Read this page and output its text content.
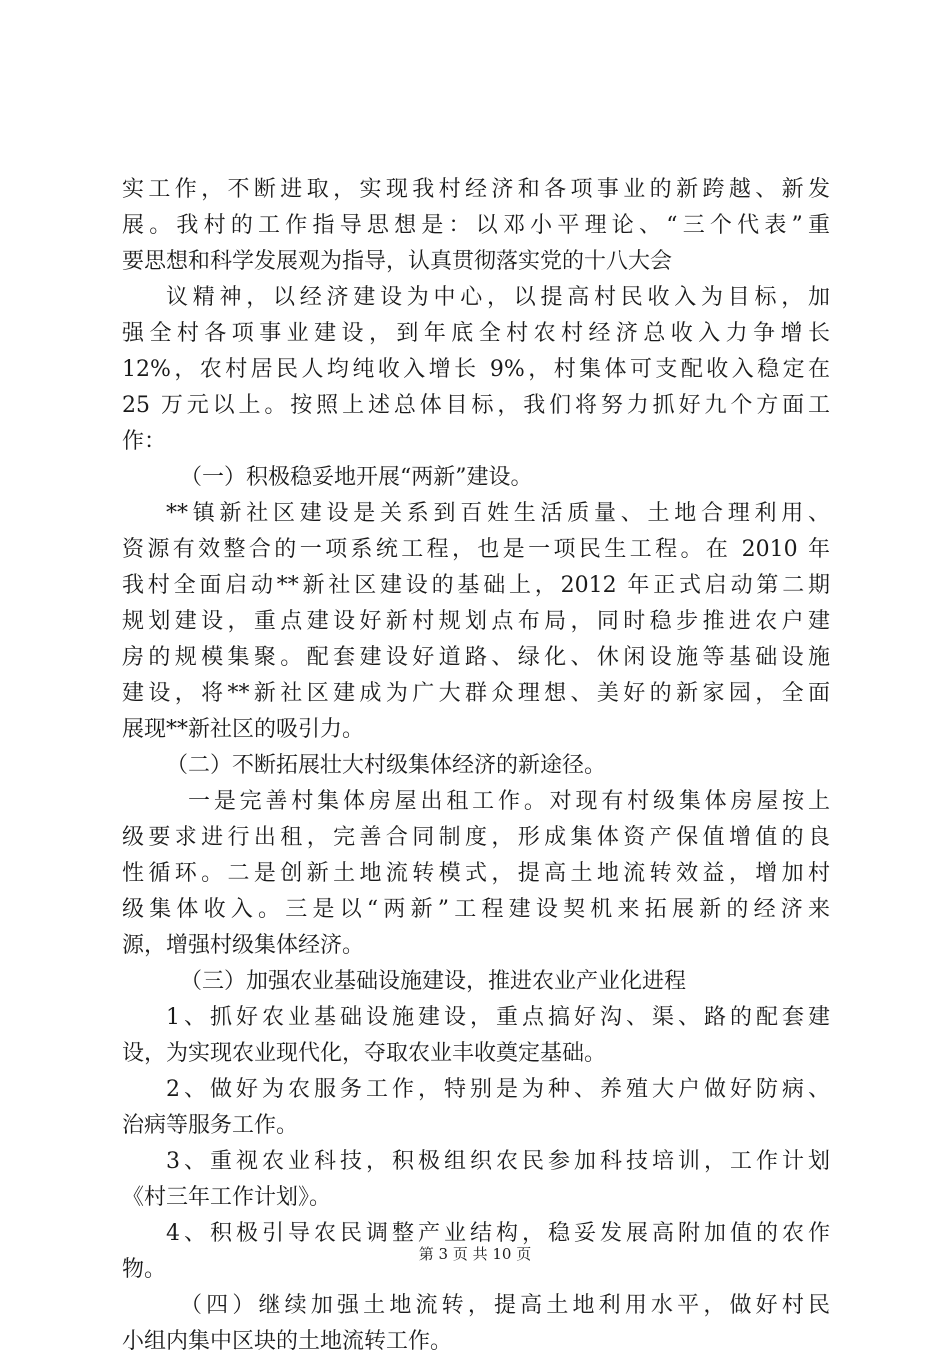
实工作，不断进取，实现我村经济和各项事业的新跨越、新发
展。我村的工作指导思想是：以邓小平理论、“三个代表”重
要思想和科学发展观为指导，认真贯彻落实党的十八大会
议精神，以经济建设为中心，以提高村民收入为目标，加
强全村各项事业建设，到年底全村农村经济总收入力争增长
12%，农村居民人均纯收入增长 9%，村集体可支配收入稳定在
25 万元以上。按照上述总体目标，我们将努力抓好九个方面工
作：
（一）积极稳妥地开展“两新”建设。
**镇新社区建设是关系到百姓生活质量、土地合理利用、
资源有效整合的一项系统工程，也是一项民生工程。在 2010 年
我村全面启动**新社区建设的基础上，2012 年正式启动第二期
规划建设，重点建设好新村规划点布局，同时稳步推进农户建
房的规模集聚。配套建设好道路、绿化、休闲设施等基础设施
建设，将**新社区建成为广大群众理想、美好的新家园，全面
展现**新社区的吸引力。
（二）不断拓展壮大村级集体经济的新途径。
一是完善村集体房屋出租工作。对现有村级集体房屋按上
级要求进行出租，完善合同制度，形成集体资产保值增值的良
性循环。二是创新土地流转模式，提高土地流转效益，增加村
级集体收入。三是以“两新”工程建设契机来拓展新的经济来
源，增强村级集体经济。
（三）加强农业基础设施建设，推进农业产业化进程
1、抓好农业基础设施建设，重点搞好沟、渠、路的配套建
设，为实现农业现代化，夺取农业丰收奠定基础。
2、做好为农服务工作，特别是为种、养殖大户做好防病、
治病等服务工作。
3、重视农业科技，积极组织农民参加科技培训，工作计划
《村三年工作计划》。
4、积极引导农民调整产业结构，稳妥发展高附加值的农作
物。
（四）继续加强土地流转，提高土地利用水平，做好村民
小组内集中区块的土地流转工作。
第 3 页 共 10 页
